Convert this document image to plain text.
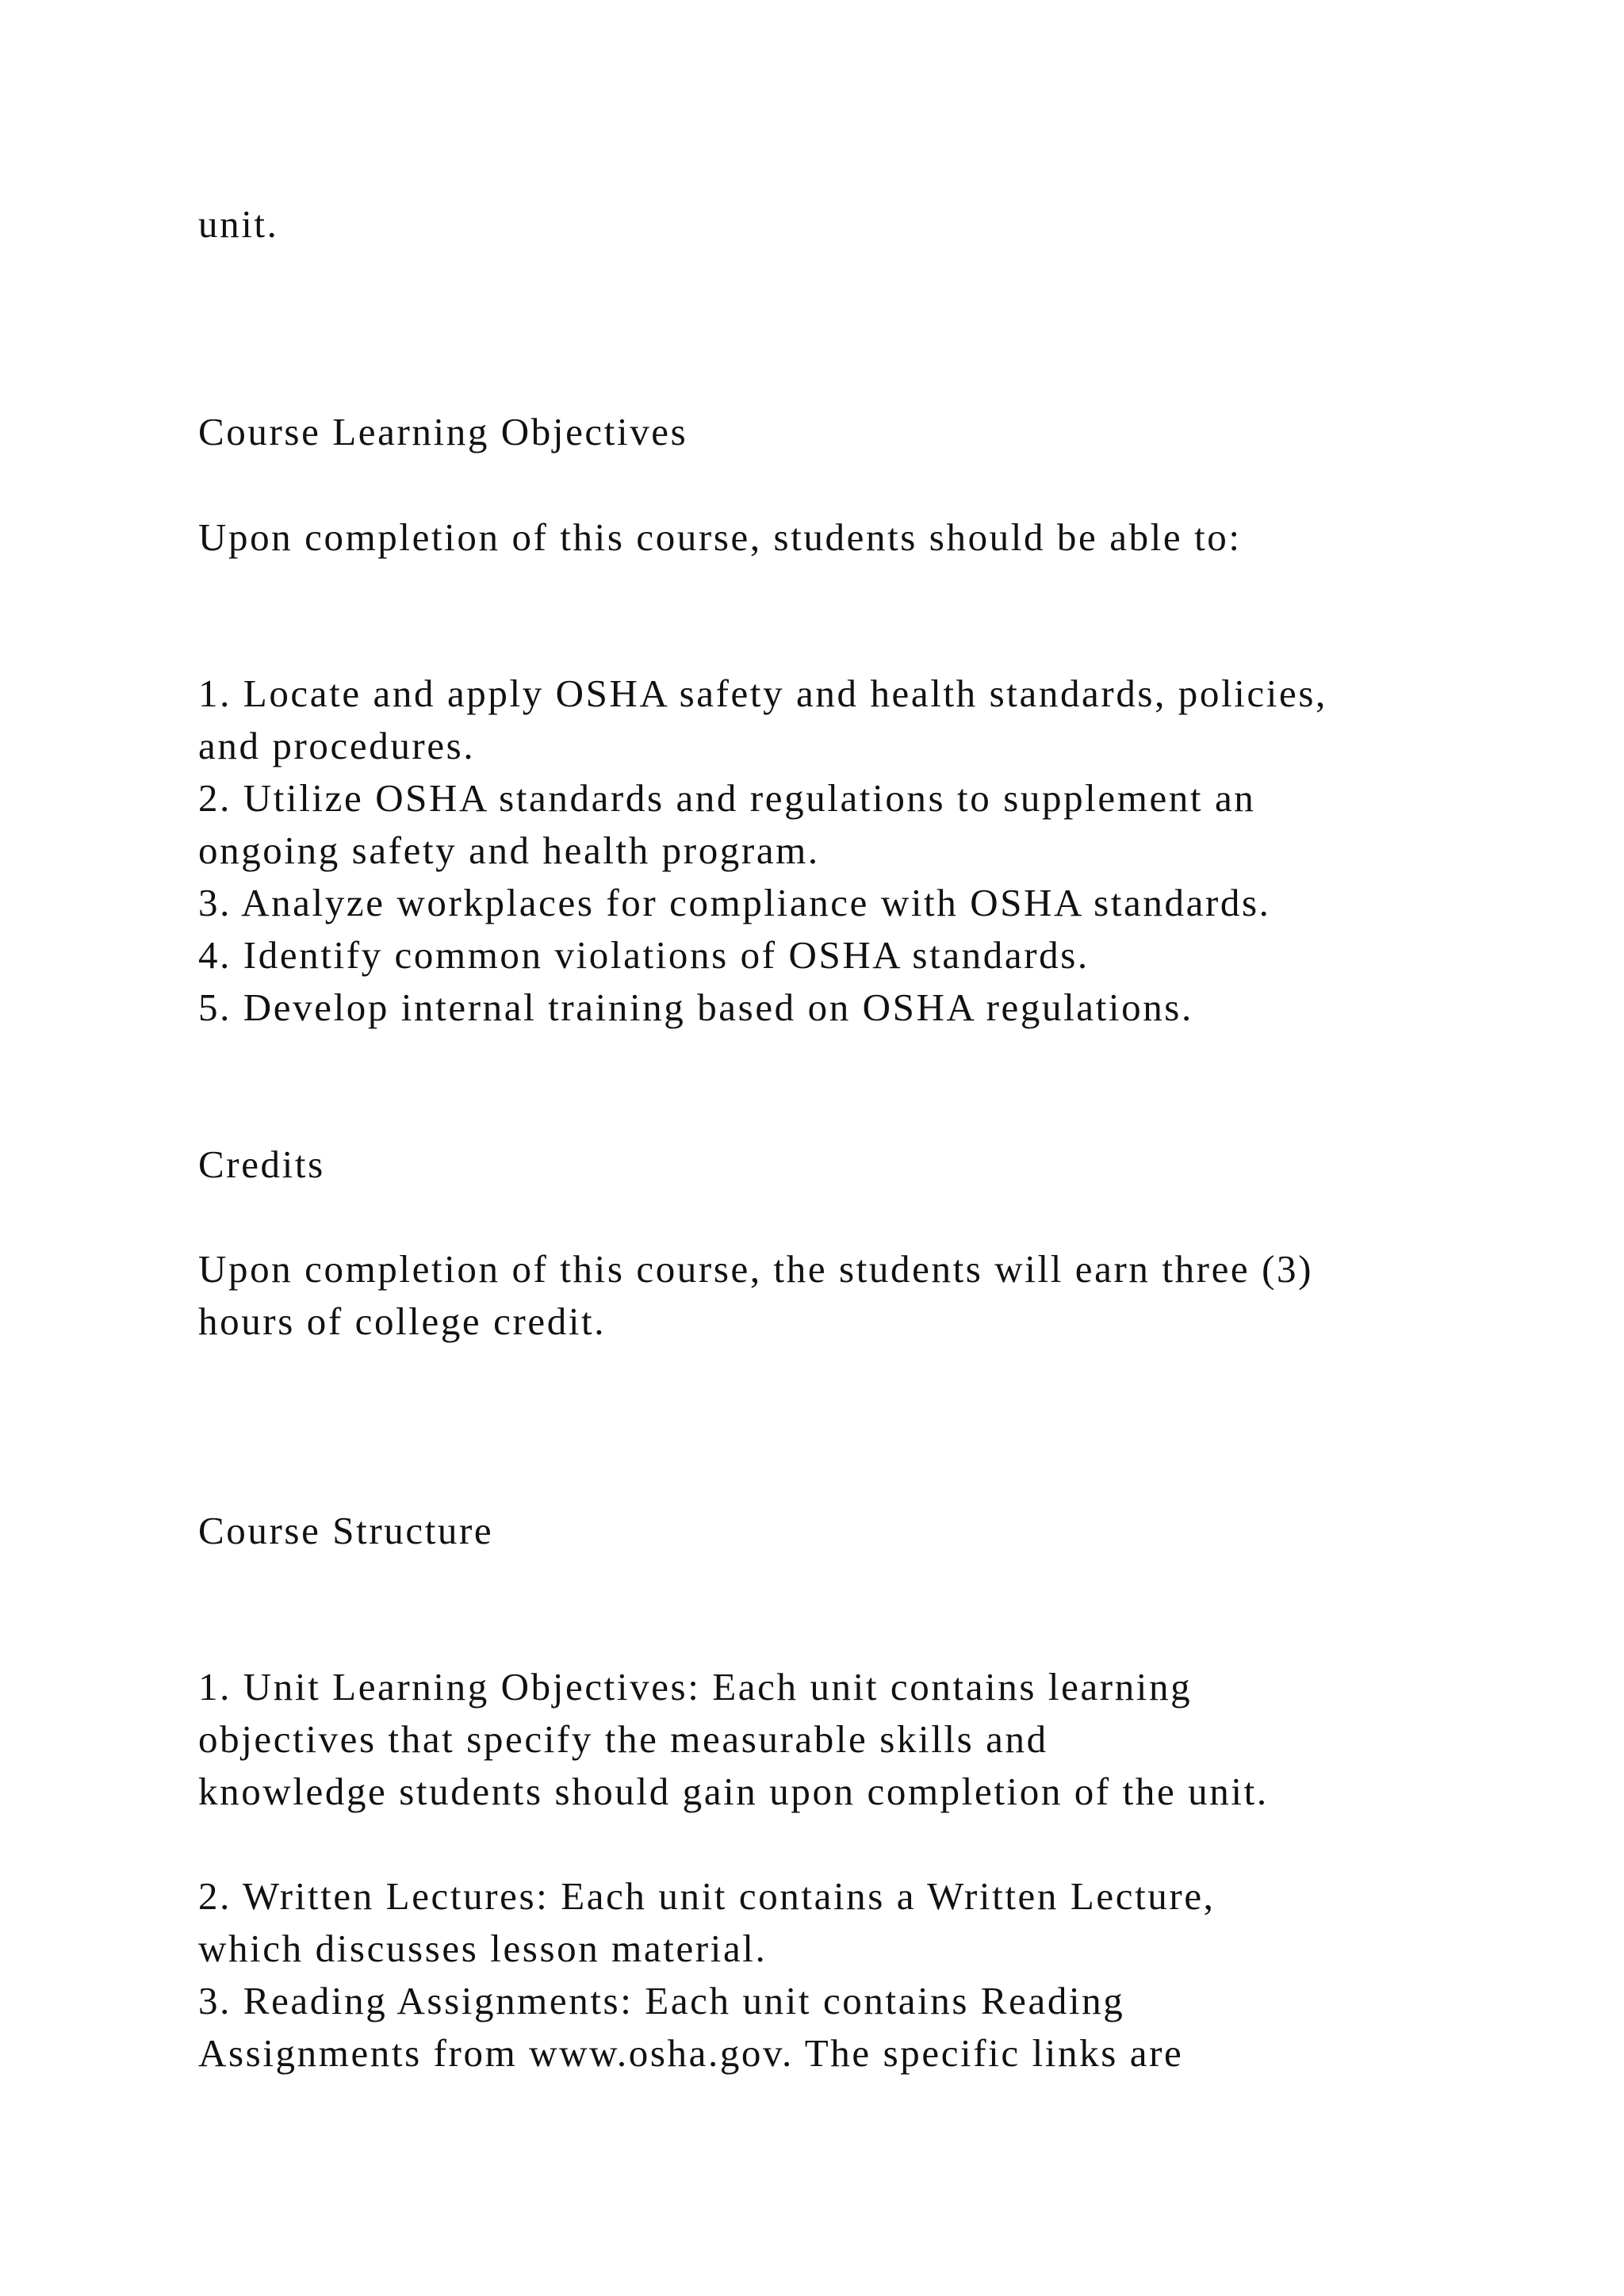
unit.

Course Learning Objectives

Upon completion of this course, students should be able to:

1. Locate and apply OSHA safety and health standards, policies,

and procedures.

2. Utilize OSHA standards and regulations to supplement an

ongoing safety and health program.

3. Analyze workplaces for compliance with OSHA standards.

4. Identify common violations of OSHA standards.

5. Develop internal training based on OSHA regulations.

Credits

Upon completion of this course, the students will earn three (3)

hours of college credit.

Course Structure

1. Unit Learning Objectives: Each unit contains learning

objectives that specify the measurable skills and

knowledge students should gain upon completion of the unit.

2. Written Lectures: Each unit contains a Written Lecture,

which discusses lesson material.

3. Reading Assignments: Each unit contains Reading

Assignments from www.osha.gov. The specific links are
